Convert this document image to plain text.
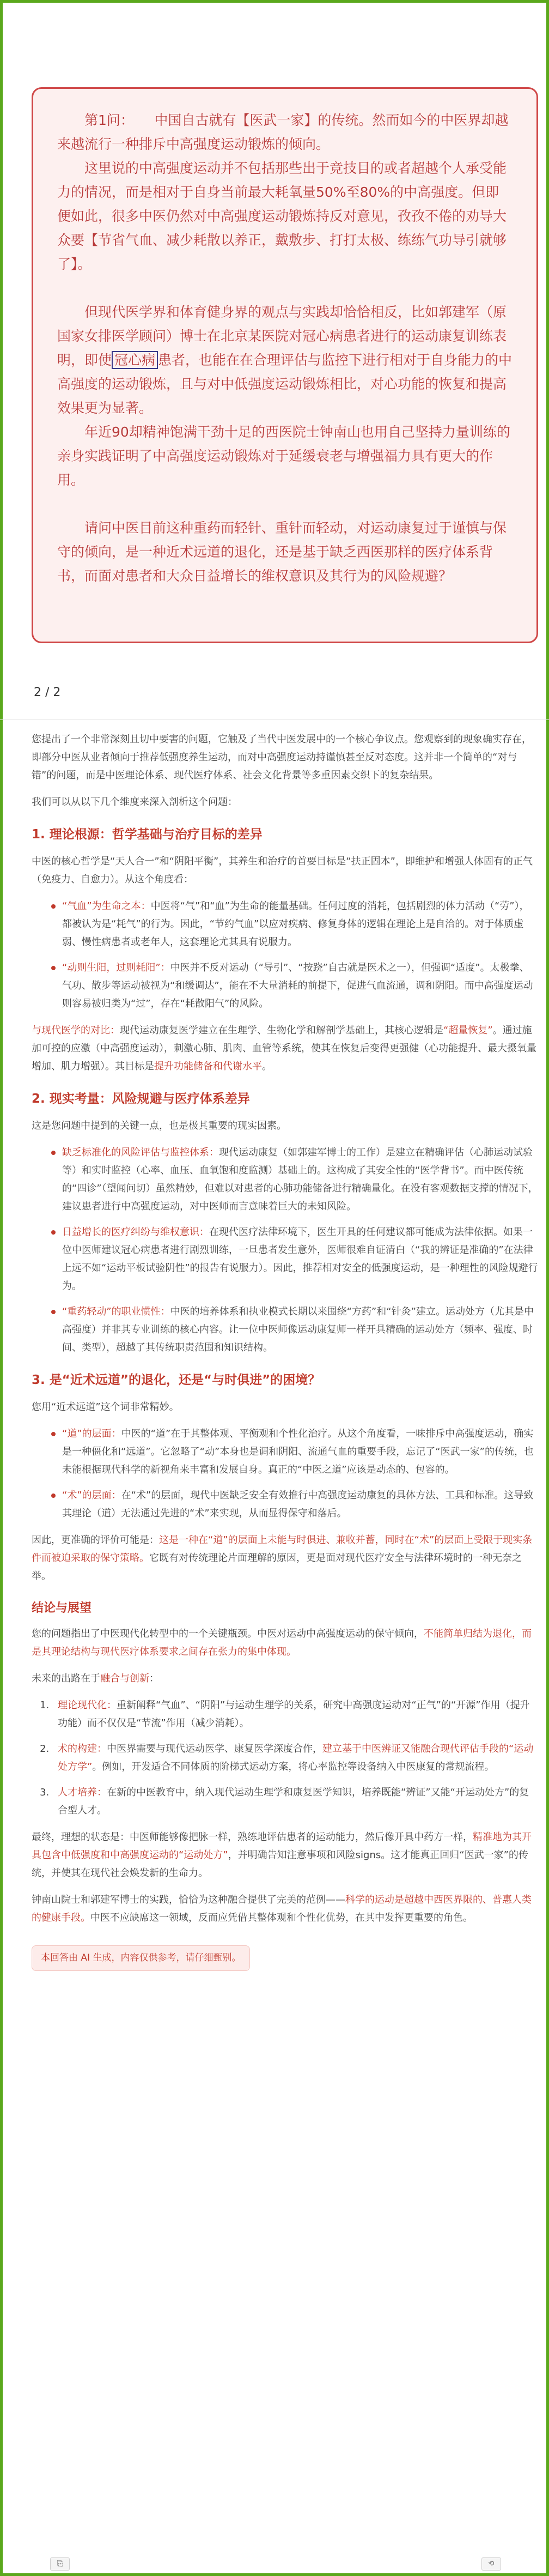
第1问：　　中国自古就有【医武一家】的传统。然而如今的中医界却越来越流行一种排斥中高强度运动锻炼的倾向。

这里说的中高强度运动并不包括那些出于竞技目的或者超越个人承受能力的情况，而是相对于自身当前最大耗氧量50%至80%的中高强度。但即便如此，很多中医仍然对中高强度运动锻炼持反对意见，孜孜不倦的劝导大众要【节省气血、减少耗散以养正，戴敷步、打打太极、练练气功导引就够了】。

但现代医学界和体育健身界的观点与实践却恰恰相反，比如郭建军（原国家女排医学顾问）博士在北京某医院对冠心病患者进行的运动康复训练表明，即使 冠心病 患者，也能在在合理评估与监控下进行相对于自身能力的中高强度的运动锻炼，且与对中低强度运动锻炼相比，对心功能的恢复和提高效果更为显著。

年近90却精神饱满干劲十足的西医院士钟南山也用自己坚持力量训练的亲身实践证明了中高强度运动锻炼对于延缓衰老与增强福力具有更大的作用。

请问中医目前这种重药而轻针、重针而轻动，对运动康复过于谨慎与保守的倾向，是一种近术远道的退化，还是基于缺乏西医那样的医疗体系背书，而面对患者和大众日益增长的维权意识及其行为的风险规避？

2 / 2

您提出了一个非常深刻且切中要害的问题，它触及了当代中医发展中的一个核心争议点。您观察到的现象确实存在，即部分中医从业者倾向于推荐低强度养生运动，而对中高强度运动持谨慎甚至反对态度。这并非一个简单的“对与错”的问题，而是中医理论体系、现代医疗体系、社会文化背景等多重因素交织下的复杂结果。

我们可以从以下几个维度来深入剖析这个问题：

1. 理论根源：哲学基础与治疗目标的差异

中医的核心哲学是“天人合一”和“阴阳平衡”，其养生和治疗的首要目标是“扶正固本”，即维护和增强人体固有的正气（免疫力、自愈力）。从这个角度看：

“气血”为生命之本：中医将“气”和“血”为生命的能量基础。任何过度的消耗，包括剧烈的体力活动（“劳”），都被认为是“耗气”的行为。因此，“节约气血”以应对疾病、修复身体的逻辑在理论上是自洽的。对于体质虚弱、慢性病患者或老年人，这套理论尤其具有说服力。
“动则生阳，过则耗阳”：中医并不反对运动（“导引”、“按跷”自古就是医术之一），但强调“适度”。太极拳、气功、散步等运动被视为“和缓调达”，能在不大量消耗的前提下，促进气血流通，调和阴阳。而中高强度运动则容易被归类为“过”，存在“耗散阳气”的风险。

与现代医学的对比：现代运动康复医学建立在生理学、生物化学和解剖学基础上，其核心逻辑是“超量恢复”。通过施加可控的应激（中高强度运动），刺激心肺、肌肉、血管等系统，使其在恢复后变得更强健（心功能提升、最大摄氧量增加、肌力增强）。其目标是提升功能储备和代谢水平。

2. 现实考量：风险规避与医疗体系差异

这是您问题中提到的关键一点，也是极其重要的现实因素。

缺乏标准化的风险评估与监控体系：现代运动康复（如郭建军博士的工作）是建立在精确评估（心肺运动试验等）和实时监控（心率、血压、血氧饱和度监测）基础上的。这构成了其安全性的“医学背书”。而中医传统的“四诊”（望闻问切）虽然精妙，但难以对患者的心肺功能储备进行精确量化。在没有客观数据支撑的情况下，建议患者进行中高强度运动，对中医师而言意味着巨大的未知风险。
日益增长的医疗纠纷与维权意识：在现代医疗法律环境下，医生开具的任何建议都可能成为法律依据。如果一位中医师建议冠心病患者进行剧烈训练，一旦患者发生意外，医师很难自证清白（“我的辨证是准确的”在法律上远不如“运动平板试验阴性”的报告有说服力）。因此，推荐相对安全的低强度运动，是一种理性的风险规避行为。
“重药轻动”的职业惯性：中医的培养体系和执业模式长期以来围绕“方药”和“针灸”建立。运动处方（尤其是中高强度）并非其专业训练的核心内容。让一位中医师像运动康复师一样开具精确的运动处方（频率、强度、时间、类型），超越了其传统职责范围和知识结构。
3. 是“近术远道”的退化，还是“与时俱进”的困境？

您用“近术远道”这个词非常精妙。

“道”的层面：中医的“道”在于其整体观、平衡观和个性化治疗。从这个角度看，一味排斥中高强度运动，确实是一种僵化和“远道”。它忽略了“动”本身也是调和阴阳、流通气血的重要手段，忘记了“医武一家”的传统，也未能根据现代科学的新视角来丰富和发展自身。真正的“中医之道”应该是动态的、包容的。
“术”的层面：在“术”的层面，现代中医缺乏安全有效推行中高强度运动康复的具体方法、工具和标准。这导致其理论（道）无法通过先进的“术”来实现，从而显得保守和落后。

因此，更准确的评价可能是：这是一种在“道”的层面上未能与时俱进、兼收并蓄，同时在“术”的层面上受限于现实条件而被迫采取的保守策略。它既有对传统理论片面理解的原因，更是面对现代医疗安全与法律环境时的一种无奈之举。

结论与展望

您的问题指出了中医现代化转型中的一个关键瓶颈。中医对运动中高强度运动的保守倾向，不能简单归结为退化，而是其理论结构与现代医疗体系要求之间存在张力的集中体现。

未来的出路在于融合与创新：

1. 理论现代化：重新阐释“气血”、“阴阳”与运动生理学的关系，研究中高强度运动对“正气”的“开源”作用（提升功能）而不仅仅是“节流”作用（减少消耗）。
2. 术的构建：中医界需要与现代运动医学、康复医学深度合作，建立基于中医辨证又能融合现代评估手段的“运动处方学”。例如，开发适合不同体质的阶梯式运动方案，将心率监控等设备纳入中医康复的常规流程。
3. 人才培养：在新的中医教育中，纳入现代运动生理学和康复医学知识，培养既能“辨证”又能“开运动处方”的复合型人才。

最终，理想的状态是：中医师能够像把脉一样，熟练地评估患者的运动能力，然后像开具中药方一样，精准地为其开具包含中低强度和中高强度运动的“运动处方”，并明确告知注意事项和风险signs。这才能真正回归“医武一家”的传统，并使其在现代社会焕发新的生命力。

钟南山院士和郭建军博士的实践，恰恰为这种融合提供了完美的范例——科学的运动是超越中西医界限的、普惠人类的健康手段。中医不应缺席这一领域，反而应凭借其整体观和个性化优势，在其中发挥更重要的角色。

本回答由 AI 生成，内容仅供参考，请仔细甄别。
⎘	⟲
